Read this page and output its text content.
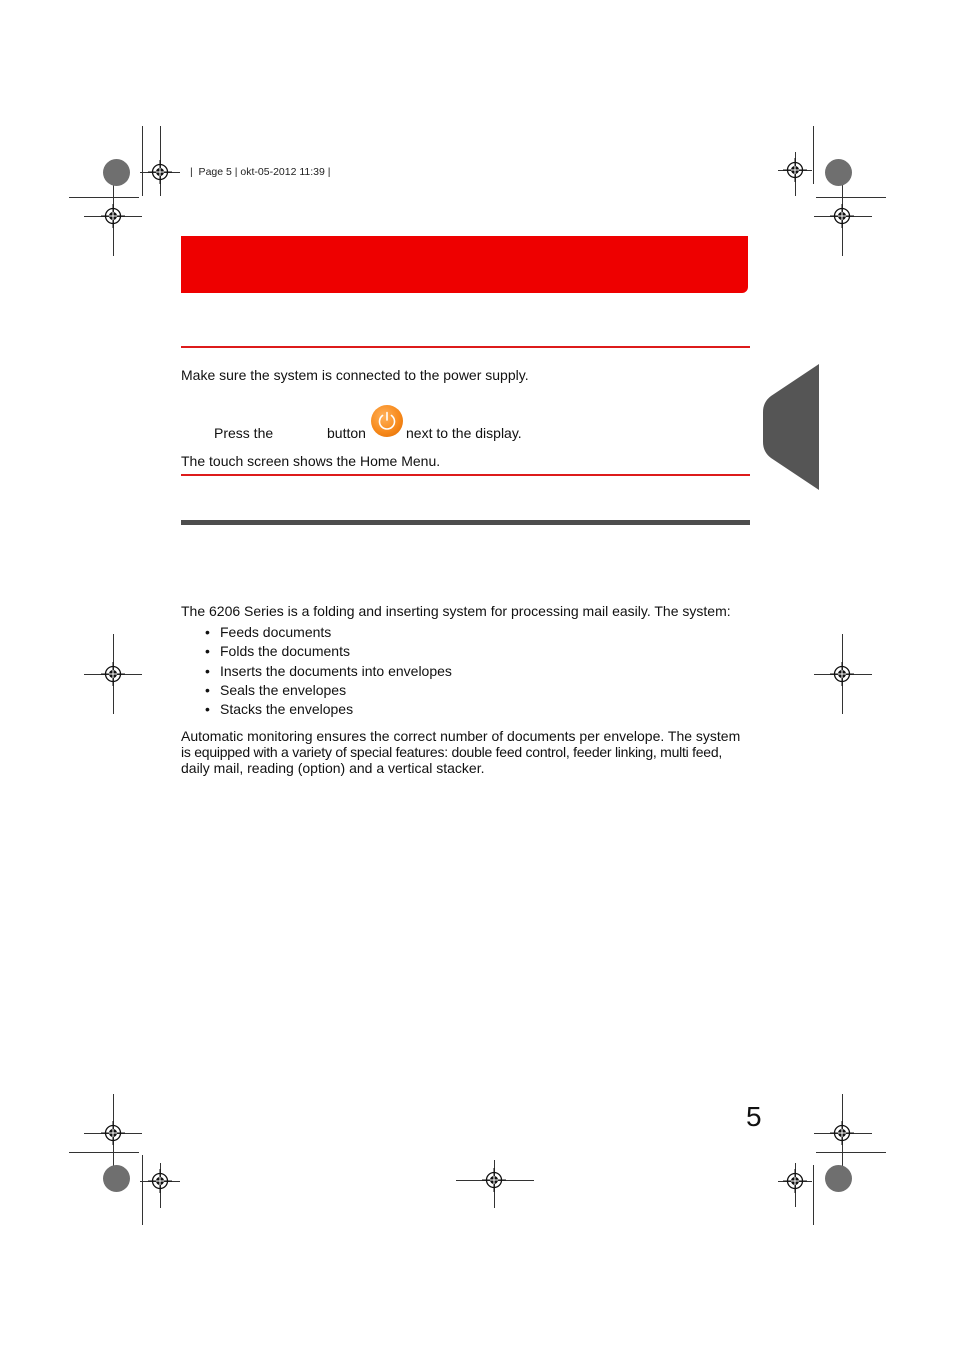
|  Page 5 | okt-05-2012 11:39 |
Make sure the system is connected to the power supply.
Press the	button	next to the display.
The touch screen shows the Home Menu.
The 6206 Series is a folding and inserting system for processing mail easily. The system:
• Feeds documents
• Folds the documents
• Inserts the documents into envelopes
• Seals the envelopes
• Stacks the envelopes
Automatic monitoring ensures the correct number of documents per envelope. The system
is equipped with a variety of special features: double feed control, feeder linking, multi feed,
daily mail, reading (option) and a vertical stacker.
5
